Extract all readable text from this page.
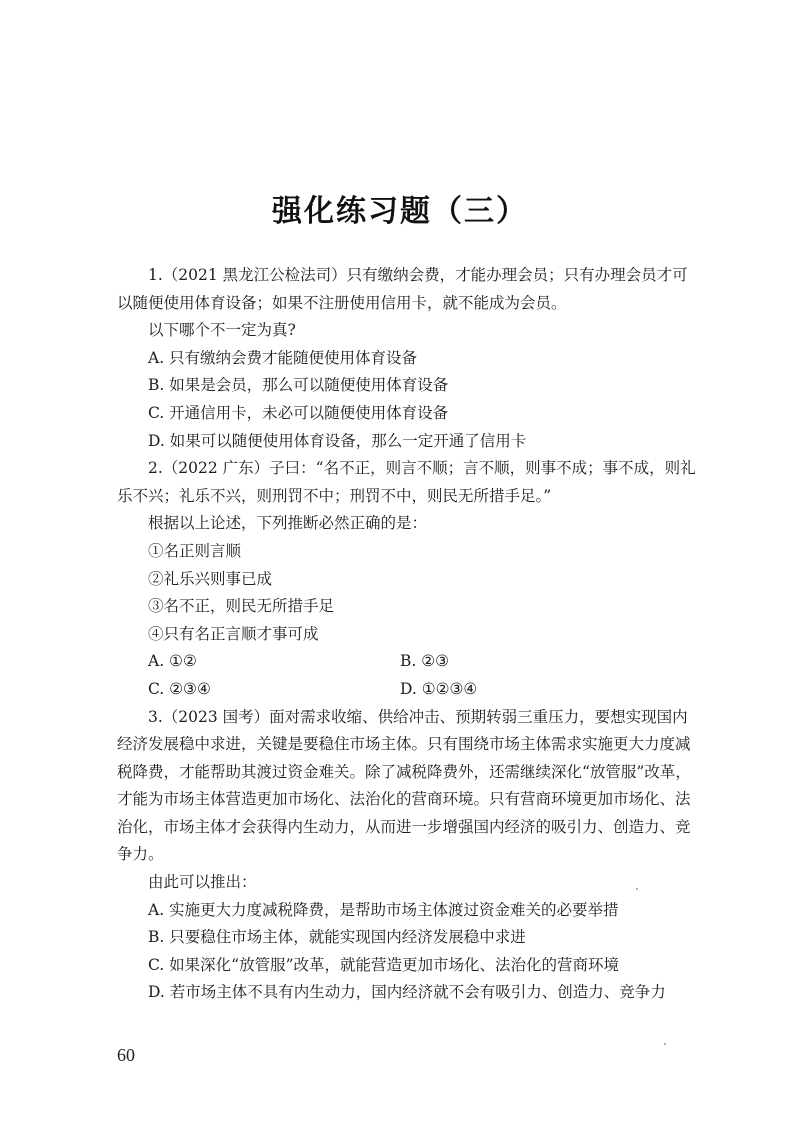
强化练习题（三）

1.（2021 黑龙江公检法司）只有缴纳会费，才能办理会员；只有办理会员才可以随便使用体育设备；如果不注册使用信用卡，就不能成为会员。

以下哪个不一定为真?

A. 只有缴纳会费才能随便使用体育设备

B. 如果是会员，那么可以随便使用体育设备

C. 开通信用卡，未必可以随便使用体育设备

D. 如果可以随便使用体育设备，那么一定开通了信用卡

2.（2022 广东）子曰：“名不正，则言不顺；言不顺，则事不成；事不成，则礼乐不兴；礼乐不兴，则刑罚不中；刑罚不中，则民无所措手足。”

根据以上论述，下列推断必然正确的是：

①名正则言顺

②礼乐兴则事已成

③名不正，则民无所措手足

④只有名正言顺才事可成

A. ①②	B. ②③
C. ②③④	D. ①②③④

3.（2023 国考）面对需求收缩、供给冲击、预期转弱三重压力，要想实现国内经济发展稳中求进，关键是要稳住市场主体。只有围绕市场主体需求实施更大力度减税降费，才能帮助其渡过资金难关。除了减税降费外，还需继续深化“放管服”改革，才能为市场主体营造更加市场化、法治化的营商环境。只有营商环境更加市场化、法治化，市场主体才会获得内生动力，从而进一步增强国内经济的吸引力、创造力、竞争力。

由此可以推出：

A. 实施更大力度减税降费，是帮助市场主体渡过资金难关的必要举措

B. 只要稳住市场主体，就能实现国内经济发展稳中求进

C. 如果深化“放管服”改革，就能营造更加市场化、法治化的营商环境

D. 若市场主体不具有内生动力，国内经济就不会有吸引力、创造力、竞争力

60
